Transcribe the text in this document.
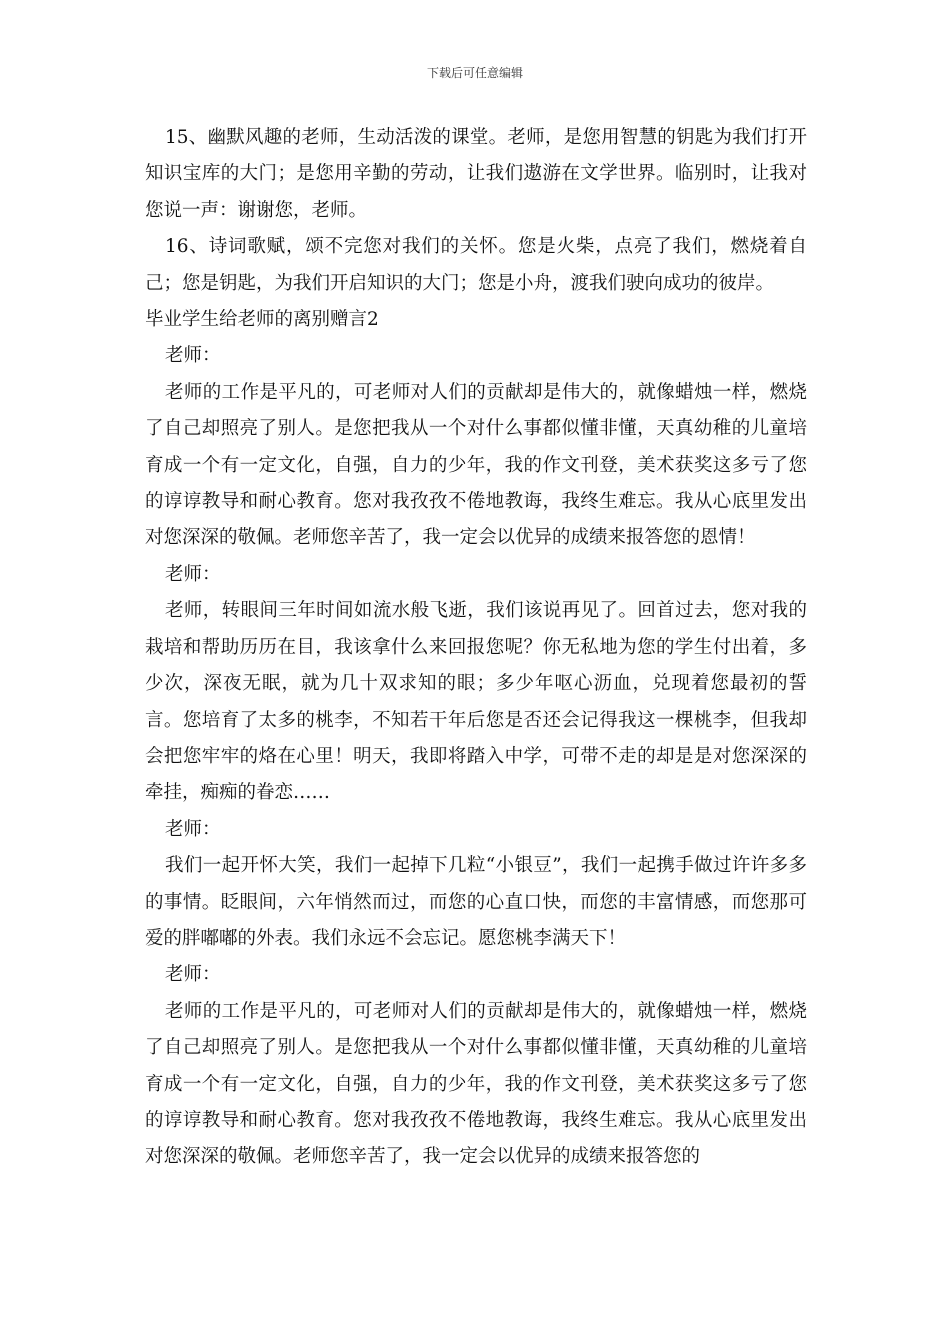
下载后可任意编辑

15、幽默风趣的老师，生动活泼的课堂。老师，是您用智慧的钥匙为我们打开知识宝库的大门；是您用辛勤的劳动，让我们遨游在文学世界。临别时，让我对您说一声：谢谢您，老师。

16、诗词歌赋，颂不完您对我们的关怀。您是火柴，点亮了我们，燃烧着自己；您是钥匙，为我们开启知识的大门；您是小舟，渡我们驶向成功的彼岸。

毕业学生给老师的离别赠言2

老师：

老师的工作是平凡的，可老师对人们的贡献却是伟大的，就像蜡烛一样，燃烧了自己却照亮了别人。是您把我从一个对什么事都似懂非懂，天真幼稚的儿童培育成一个有一定文化，自强，自力的少年，我的作文刊登，美术获奖这多亏了您的谆谆教导和耐心教育。您对我孜孜不倦地教诲，我终生难忘。我从心底里发出对您深深的敬佩。老师您辛苦了，我一定会以优异的成绩来报答您的恩情！

老师：

老师，转眼间三年时间如流水般飞逝，我们该说再见了。回首过去，您对我的栽培和帮助历历在目，我该拿什么来回报您呢？你无私地为您的学生付出着，多少次，深夜无眠，就为几十双求知的眼；多少年呕心沥血，兑现着您最初的誓言。您培育了太多的桃李，不知若干年后您是否还会记得我这一棵桃李，但我却会把您牢牢的烙在心里！明天，我即将踏入中学，可带不走的却是是对您深深的牵挂，痴痴的眷恋……

老师：

我们一起开怀大笑，我们一起掉下几粒“小银豆”，我们一起携手做过许许多多的事情。眨眼间，六年悄然而过，而您的心直口快，而您的丰富情感，而您那可爱的胖嘟嘟的外表。我们永远不会忘记。愿您桃李满天下！

老师：

老师的工作是平凡的，可老师对人们的贡献却是伟大的，就像蜡烛一样，燃烧了自己却照亮了别人。是您把我从一个对什么事都似懂非懂，天真幼稚的儿童培育成一个有一定文化，自强，自力的少年，我的作文刊登，美术获奖这多亏了您的谆谆教导和耐心教育。您对我孜孜不倦地教诲，我终生难忘。我从心底里发出对您深深的敬佩。老师您辛苦了，我一定会以优异的成绩来报答您的
